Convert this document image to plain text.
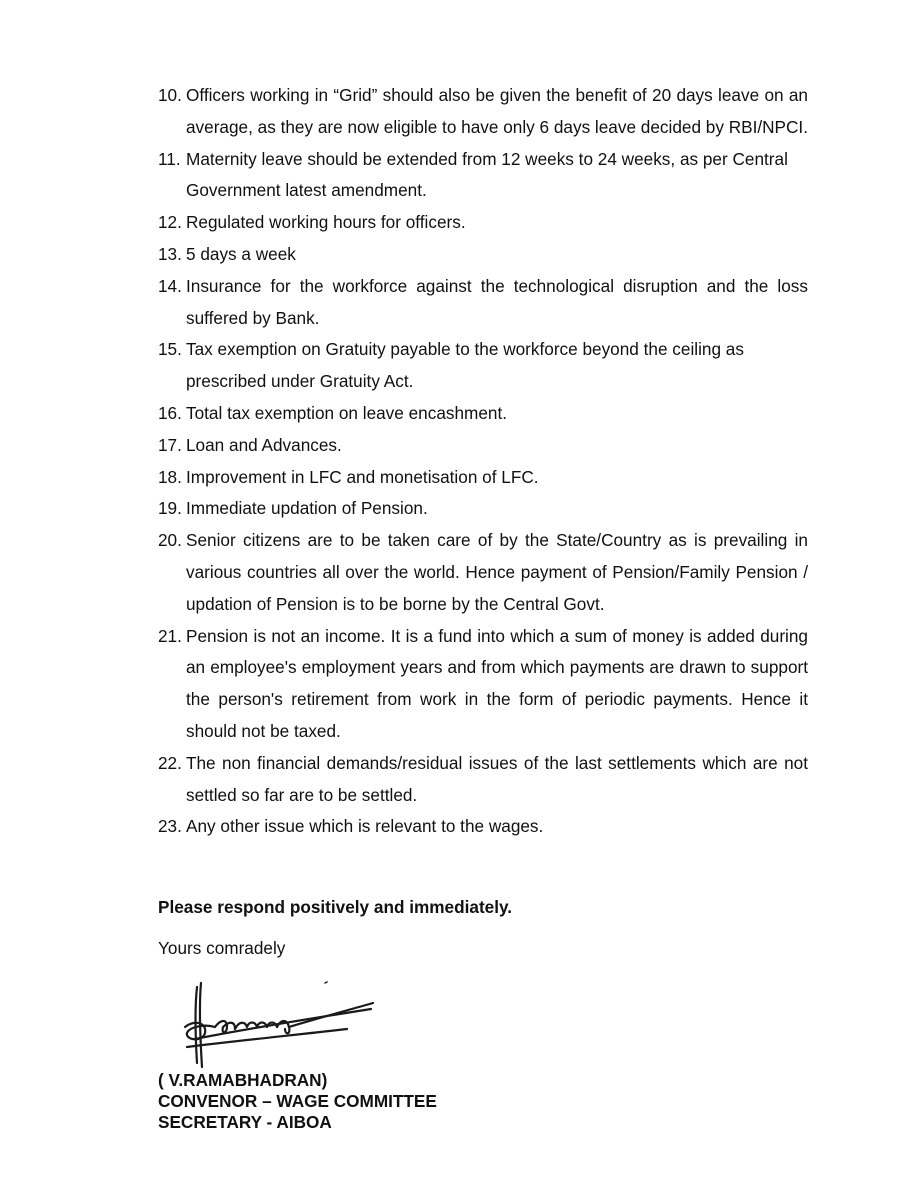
10. Officers working in “Grid” should also be given the benefit of 20 days leave on an average, as they are now eligible to have only 6 days leave decided by RBI/NPCI.
11. Maternity leave should be extended from 12 weeks to 24 weeks, as per Central Government latest amendment.
12. Regulated working hours for officers.
13. 5 days a week
14. Insurance for the workforce against the technological disruption and the loss suffered by Bank.
15. Tax exemption on Gratuity payable to the workforce beyond the ceiling as prescribed under Gratuity Act.
16. Total tax exemption on leave encashment.
17. Loan and Advances.
18. Improvement in LFC and monetisation of LFC.
19. Immediate updation of Pension.
20. Senior citizens are to be taken care of by the State/Country as is prevailing in various countries all over the world. Hence payment of Pension/Family Pension / updation of Pension is to be borne by the Central Govt.
21. Pension is not an income. It is a fund into which a sum of money is added during an employee's employment years and from which payments are drawn to support the person's retirement from work in the form of periodic payments. Hence it should not be taxed.
22. The non financial demands/residual issues of the last settlements which are not settled so far are to be settled.
23. Any other issue which is relevant to the wages.

Please respond positively and immediately.

Yours comradely

( V.RAMABHADRAN)
CONVENOR – WAGE COMMITTEE
SECRETARY - AIBOA
